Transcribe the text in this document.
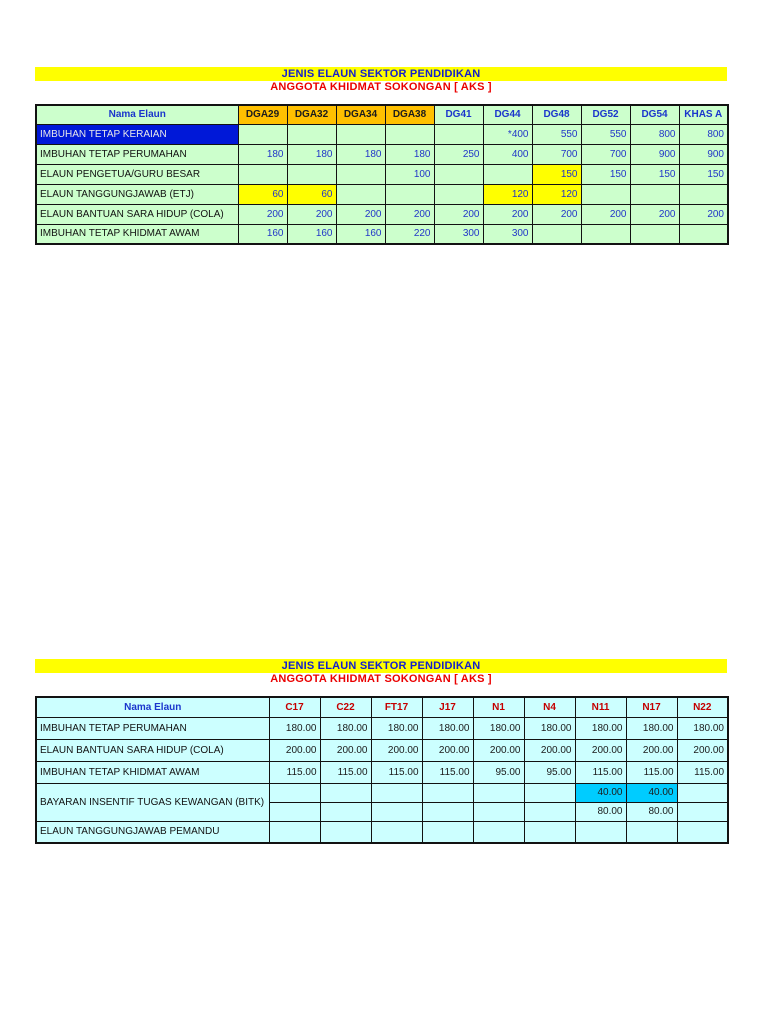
JENIS ELAUN SEKTOR PENDIDIKAN
ANGGOTA KHIDMAT SOKONGAN [ AKS ]
Nama Elaun	DGA29	DGA32	DGA34	DGA38	DG41	DG44	DG48	DG52	DG54	KHAS A
IMBUHAN TETAP KERAIAN						*400	550	550	800	800
IMBUHAN TETAP PERUMAHAN	180	180	180	180	250	400	700	700	900	900
ELAUN PENGETUA/GURU BESAR				100			150	150	150	150
ELAUN TANGGUNGJAWAB (ETJ)	60	60				120	120			
ELAUN BANTUAN SARA HIDUP (COLA)	200	200	200	200	200	200	200	200	200	200
IMBUHAN TETAP KHIDMAT AWAM	160	160	160	220	300	300				
JENIS ELAUN SEKTOR PENDIDIKAN
ANGGOTA KHIDMAT SOKONGAN [ AKS ]
Nama Elaun	C17	C22	FT17	J17	N1	N4	N11	N17	N22
IMBUHAN TETAP PERUMAHAN	180.00	180.00	180.00	180.00	180.00	180.00	180.00	180.00	180.00
ELAUN BANTUAN SARA HIDUP (COLA)	200.00	200.00	200.00	200.00	200.00	200.00	200.00	200.00	200.00
IMBUHAN TETAP KHIDMAT AWAM	115.00	115.00	115.00	115.00	95.00	95.00	115.00	115.00	115.00
BAYARAN INSENTIF TUGAS KEWANGAN (BITK)							40.00	40.00	
							80.00	80.00	
ELAUN TANGGUNGJAWAB PEMANDU									
